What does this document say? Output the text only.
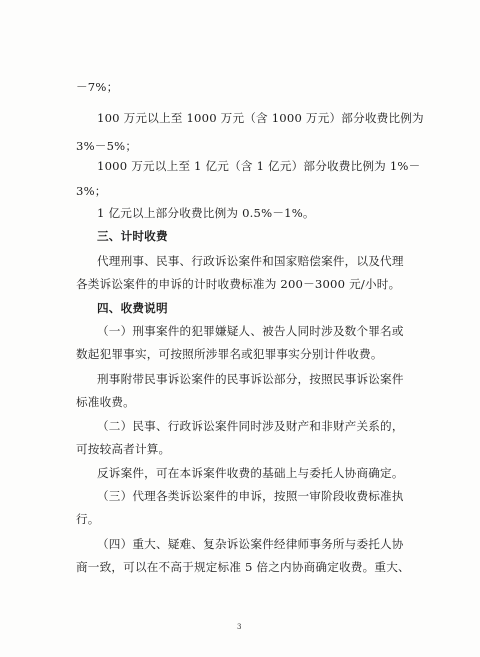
－7%；
100 万元以上至 1000 万元（含 1000 万元）部分收费比例为
3%－5%；
1000 万元以上至 1 亿元（含 1 亿元）部分收费比例为 1%－
3%；
1 亿元以上部分收费比例为 0.5%－1%。
三、计时收费
代理刑事、民事、行政诉讼案件和国家赔偿案件，以及代理
各类诉讼案件的申诉的计时收费标准为 200－3000 元/小时。
四、收费说明
（一）刑事案件的犯罪嫌疑人、被告人同时涉及数个罪名或
数起犯罪事实，可按照所涉罪名或犯罪事实分别计件收费。
刑事附带民事诉讼案件的民事诉讼部分，按照民事诉讼案件
标准收费。
（二）民事、行政诉讼案件同时涉及财产和非财产关系的，
可按较高者计算。
反诉案件，可在本诉案件收费的基础上与委托人协商确定。
（三）代理各类诉讼案件的申诉，按照一审阶段收费标准执
行。
（四）重大、疑难、复杂诉讼案件经律师事务所与委托人协
商一致，可以在不高于规定标准 5 倍之内协商确定收费。重大、
3
